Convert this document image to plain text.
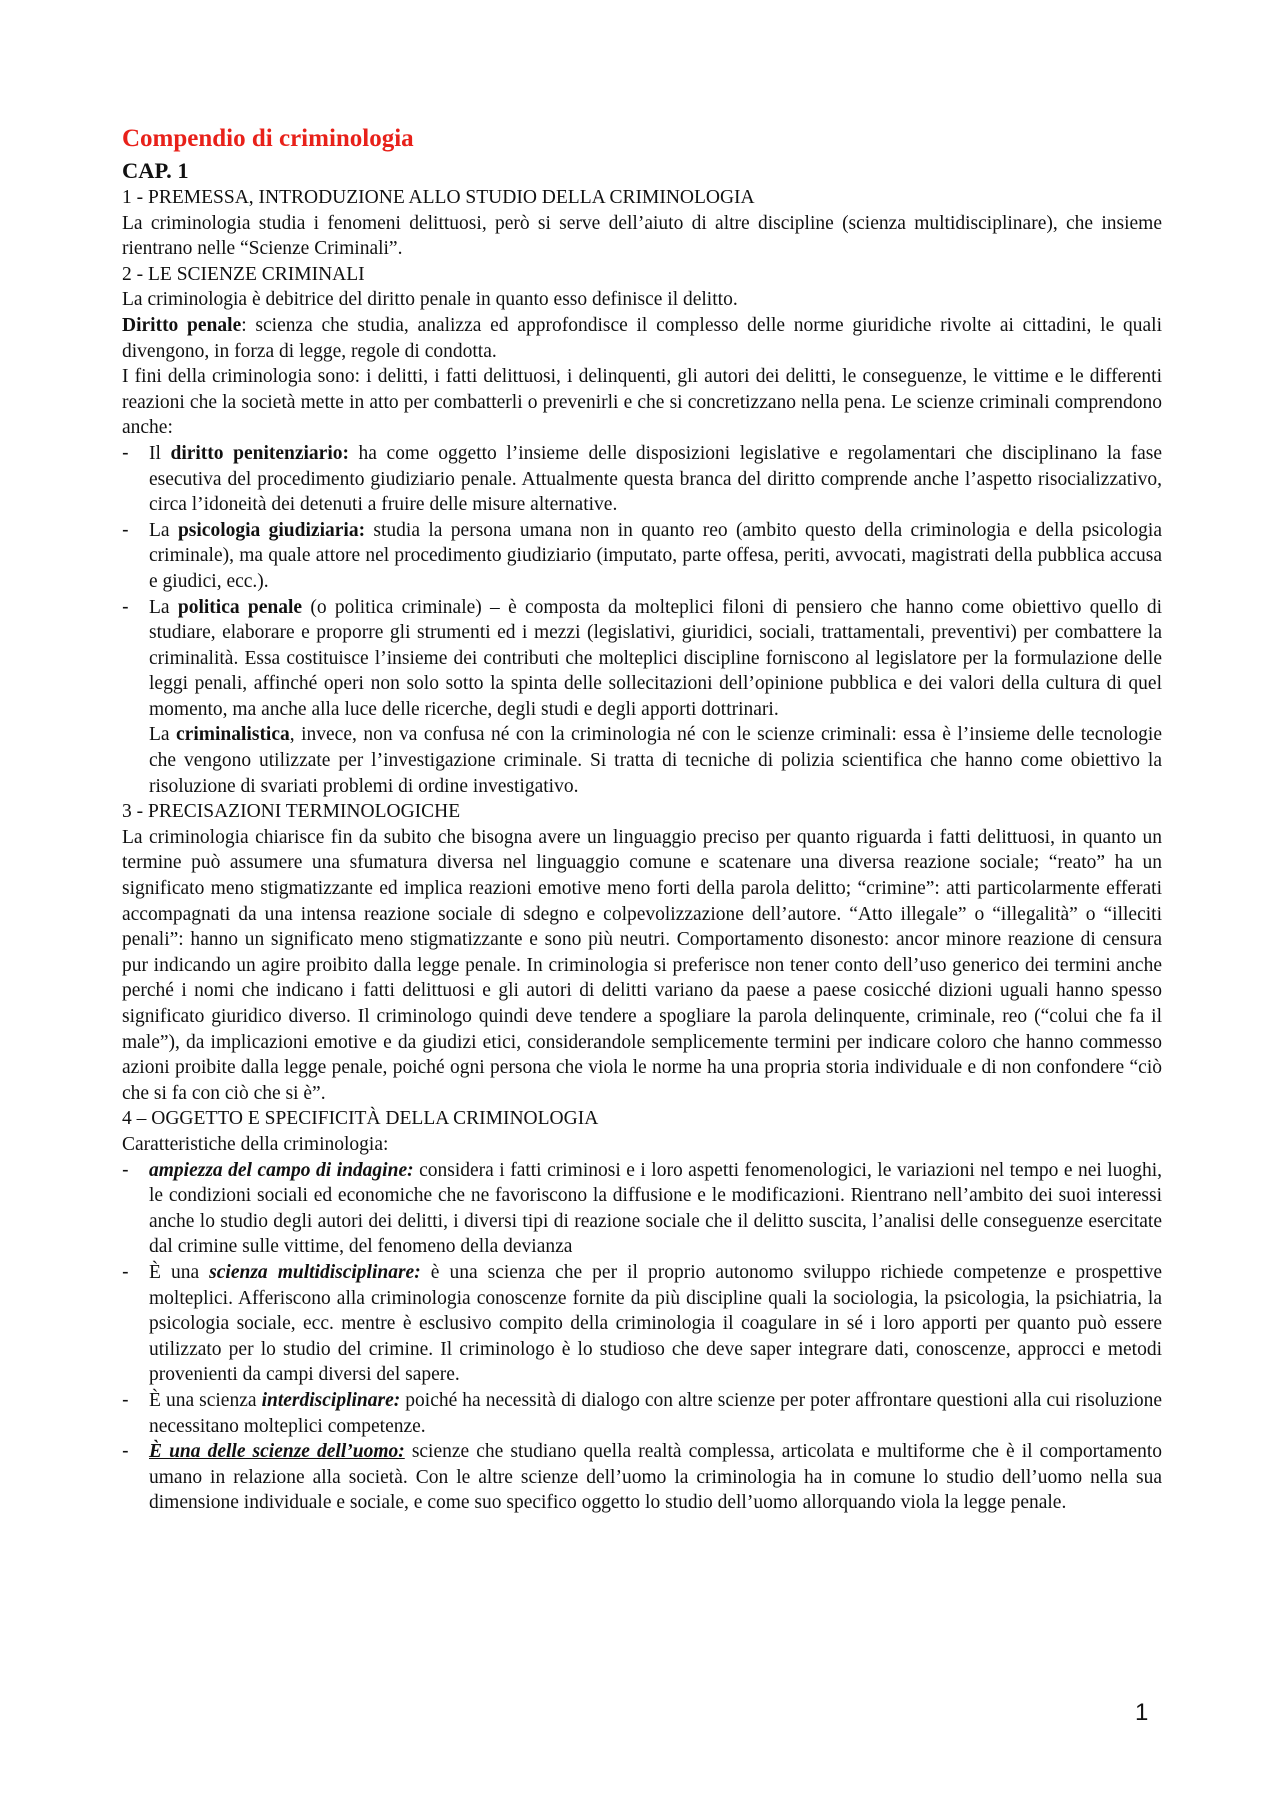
Compendio di criminologia
CAP. 1
1 - PREMESSA, INTRODUZIONE ALLO STUDIO DELLA CRIMINOLOGIA

La criminologia studia i fenomeni delittuosi, però si serve dell’aiuto di altre discipline (scienza multidisciplinare), che insieme rientrano nelle “Scienze Criminali”.

2 - LE SCIENZE CRIMINALI

La criminologia è debitrice del diritto penale in quanto esso definisce il delitto.

Diritto penale: scienza che studia, analizza ed approfondisce il complesso delle norme giuridiche rivolte ai cittadini, le quali divengono, in forza di legge, regole di condotta.

I fini della criminologia sono: i delitti, i fatti delittuosi, i delinquenti, gli autori dei delitti, le conseguenze, le vittime e le differenti reazioni che la società mette in atto per combatterli o prevenirli e che si concretizzano nella pena. Le scienze criminali comprendono anche:

- Il diritto penitenziario: ha come oggetto l’insieme delle disposizioni legislative e regolamentari che disciplinano la fase esecutiva del procedimento giudiziario penale. Attualmente questa branca del diritto comprende anche l’aspetto risocializzativo, circa l’idoneità dei detenuti a fruire delle misure alternative.
- La psicologia giudiziaria: studia la persona umana non in quanto reo (ambito questo della criminologia e della psicologia criminale), ma quale attore nel procedimento giudiziario (imputato, parte offesa, periti, avvocati, magistrati della pubblica accusa e giudici, ecc.).
- La politica penale (o politica criminale) – è composta da molteplici filoni di pensiero che hanno come obiettivo quello di studiare, elaborare e proporre gli strumenti ed i mezzi (legislativi, giuridici, sociali, trattamentali, preventivi) per combattere la criminalità. Essa costituisce l’insieme dei contributi che molteplici discipline forniscono al legislatore per la formulazione delle leggi penali, affinché operi non solo sotto la spinta delle sollecitazioni dell’opinione pubblica e dei valori della cultura di quel momento, ma anche alla luce delle ricerche, degli studi e degli apporti dottrinari.
La criminalistica, invece, non va confusa né con la criminologia né con le scienze criminali: essa è l’insieme delle tecnologie che vengono utilizzate per l’investigazione criminale. Si tratta di tecniche di polizia scientifica che hanno come obiettivo la risoluzione di svariati problemi di ordine investigativo.
3 - PRECISAZIONI TERMINOLOGICHE

La criminologia chiarisce fin da subito che bisogna avere un linguaggio preciso per quanto riguarda i fatti delittuosi, in quanto un termine può assumere una sfumatura diversa nel linguaggio comune e scatenare una diversa reazione sociale; “reato” ha un significato meno stigmatizzante ed implica reazioni emotive meno forti della parola delitto; “crimine”: atti particolarmente efferati accompagnati da una intensa reazione sociale di sdegno e colpevolizzazione dell’autore. “Atto illegale” o “illegalità” o “illeciti penali”: hanno un significato meno stigmatizzante e sono più neutri. Comportamento disonesto: ancor minore reazione di censura pur indicando un agire proibito dalla legge penale. In criminologia si preferisce non tener conto dell’uso generico dei termini anche perché i nomi che indicano i fatti delittuosi e gli autori di delitti variano da paese a paese cosicché dizioni uguali hanno spesso significato giuridico diverso. Il criminologo quindi deve tendere a spogliare la parola delinquente, criminale, reo (“colui che fa il male”), da implicazioni emotive e da giudizi etici, considerandole semplicemente termini per indicare coloro che hanno commesso azioni proibite dalla legge penale, poiché ogni persona che viola le norme ha una propria storia individuale e di non confondere “ciò che si fa con ciò che si è”.

4 – OGGETTO E SPECIFICITÀ DELLA CRIMINOLOGIA
Caratteristiche della criminologia:
- ampiezza del campo di indagine: considera i fatti criminosi e i loro aspetti fenomenologici, le variazioni nel tempo e nei luoghi, le condizioni sociali ed economiche che ne favoriscono la diffusione e le modificazioni. Rientrano nell’ambito dei suoi interessi anche lo studio degli autori dei delitti, i diversi tipi di reazione sociale che il delitto suscita, l’analisi delle conseguenze esercitate dal crimine sulle vittime, del fenomeno della devianza
- È una scienza multidisciplinare: è una scienza che per il proprio autonomo sviluppo richiede competenze e prospettive molteplici. Afferiscono alla criminologia conoscenze fornite da più discipline quali la sociologia, la psicologia, la psichiatria, la psicologia sociale, ecc. mentre è esclusivo compito della criminologia il coagulare in sé i loro apporti per quanto può essere utilizzato per lo studio del crimine. Il criminologo è lo studioso che deve saper integrare dati, conoscenze, approcci e metodi provenienti da campi diversi del sapere.
- È una scienza interdisciplinare: poiché ha necessità di dialogo con altre scienze per poter affrontare questioni alla cui risoluzione necessitano molteplici competenze.
- È una delle scienze dell’uomo: scienze che studiano quella realtà complessa, articolata e multiforme che è il comportamento umano in relazione alla società. Con le altre scienze dell’uomo la criminologia ha in comune lo studio dell’uomo nella sua dimensione individuale e sociale, e come suo specifico oggetto lo studio dell’uomo allorquando viola la legge penale.
1
